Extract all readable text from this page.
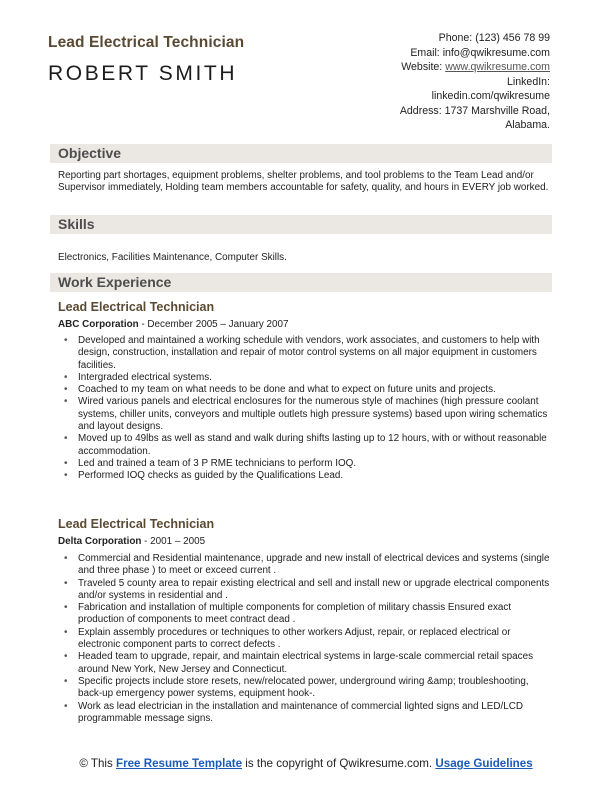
Lead Electrical Technician
ROBERT SMITH
Phone: (123) 456 78 99
Email: info@qwikresume.com
Website: www.qwikresume.com
LinkedIn:
linkedin.com/qwikresume
Address: 1737 Marshville Road,
Alabama.
Objective
Reporting part shortages, equipment problems, shelter problems, and tool problems to the Team Lead and/or Supervisor immediately, Holding team members accountable for safety, quality, and hours in EVERY job worked.
Skills
Electronics, Facilities Maintenance, Computer Skills.
Work Experience
Lead Electrical Technician
ABC Corporation - December 2005 – January 2007
• Developed and maintained a working schedule with vendors, work associates, and customers to help with design, construction, installation and repair of motor control systems on all major equipment in customers facilities.
• Intergraded electrical systems.
• Coached to my team on what needs to be done and what to expect on future units and projects.
• Wired various panels and electrical enclosures for the numerous style of machines (high pressure coolant systems, chiller units, conveyors and multiple outlets high pressure systems) based upon wiring schematics and layout designs.
• Moved up to 49lbs as well as stand and walk during shifts lasting up to 12 hours, with or without reasonable accommodation.
• Led and trained a team of 3 P RME technicians to perform IOQ.
• Performed IOQ checks as guided by the Qualifications Lead.
Lead Electrical Technician
Delta Corporation - 2001 – 2005
• Commercial and Residential maintenance, upgrade and new install of electrical devices and systems (single and three phase ) to meet or exceed current .
• Traveled 5 county area to repair existing electrical and sell and install new or upgrade electrical components and/or systems in residential and .
• Fabrication and installation of multiple components for completion of military chassis Ensured exact production of components to meet contract dead .
• Explain assembly procedures or techniques to other workers Adjust, repair, or replaced electrical or electronic component parts to correct defects .
• Headed team to upgrade, repair, and maintain electrical systems in large-scale commercial retail spaces around New York, New Jersey and Connecticut.
• Specific projects include store resets, new/relocated power, underground wiring &amp; troubleshooting, back-up emergency power systems, equipment hook-.
• Work as lead electrician in the installation and maintenance of commercial lighted signs and LED/LCD programmable message signs.
© This Free Resume Template is the copyright of Qwikresume.com. Usage Guidelines
